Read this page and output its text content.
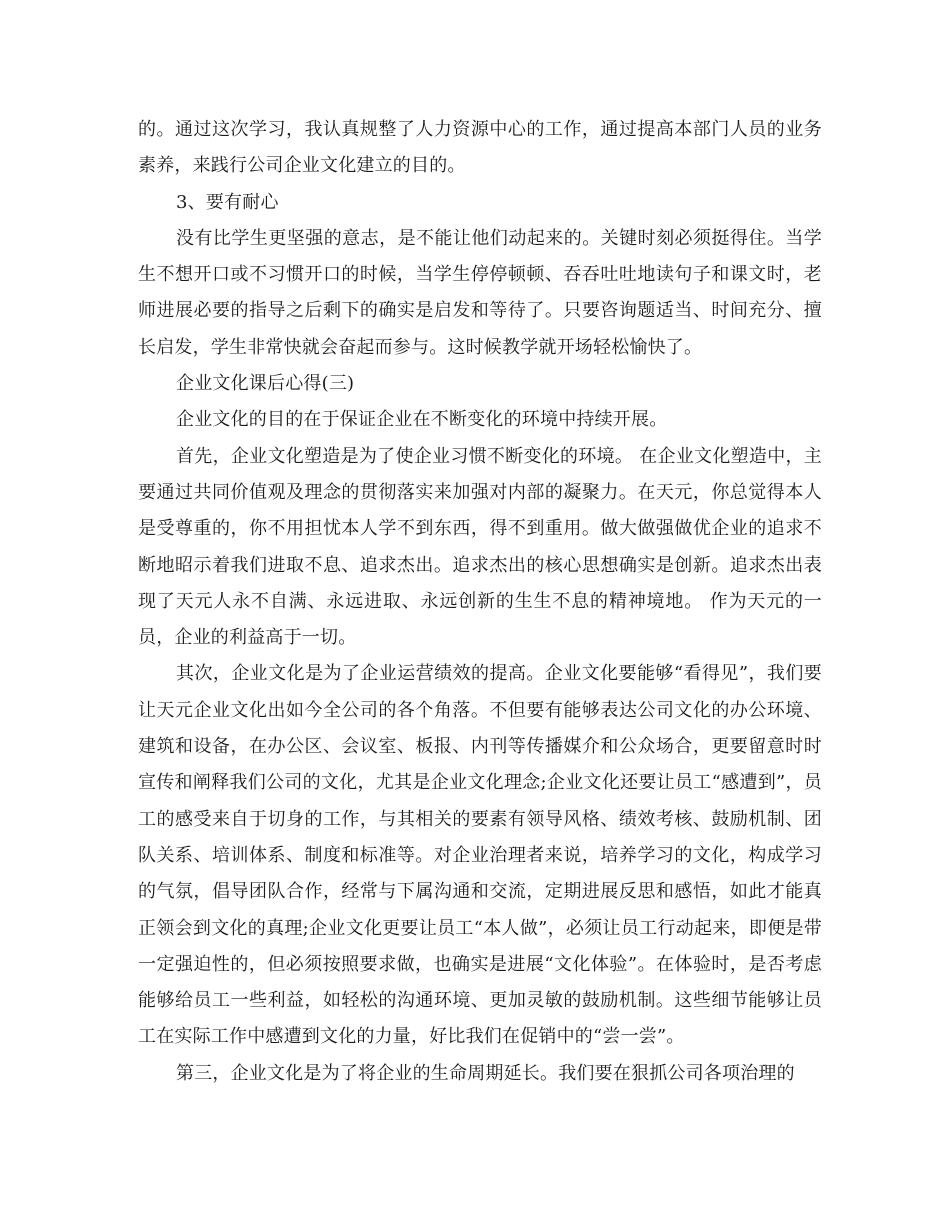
的。通过这次学习，我认真规整了人力资源中心的工作，通过提高本部门人员的业务素养，来践行公司企业文化建立的目的。

3、要有耐心

没有比学生更坚强的意志，是不能让他们动起来的。关键时刻必须挺得住。当学生不想开口或不习惯开口的时候，当学生停停顿顿、吞吞吐吐地读句子和课文时，老师进展必要的指导之后剩下的确实是启发和等待了。只要咨询题适当、时间充分、擅长启发，学生非常快就会奋起而参与。这时候教学就开场轻松愉快了。

企业文化课后心得(三)

企业文化的目的在于保证企业在不断变化的环境中持续开展。

首先，企业文化塑造是为了使企业习惯不断变化的环境。 在企业文化塑造中，主要通过共同价值观及理念的贯彻落实来加强对内部的凝聚力。在天元，你总觉得本人是受尊重的，你不用担忧本人学不到东西，得不到重用。做大做强做优企业的追求不断地昭示着我们进取不息、追求杰出。追求杰出的核心思想确实是创新。追求杰出表现了天元人永不自满、永远进取、永远创新的生生不息的精神境地。 作为天元的一员，企业的利益高于一切。

其次，企业文化是为了企业运营绩效的提高。企业文化要能够“看得见”，我们要让天元企业文化出如今全公司的各个角落。不但要有能够表达公司文化的办公环境、建筑和设备，在办公区、会议室、板报、内刊等传播媒介和公众场合，更要留意时时宣传和阐释我们公司的文化，尤其是企业文化理念;企业文化还要让员工“感遭到”，员工的感受来自于切身的工作，与其相关的要素有领导风格、绩效考核、鼓励机制、团队关系、培训体系、制度和标准等。对企业治理者来说，培养学习的文化，构成学习的气氛，倡导团队合作，经常与下属沟通和交流，定期进展反思和感悟，如此才能真正领会到文化的真理;企业文化更要让员工“本人做”，必须让员工行动起来，即便是带一定强迫性的，但必须按照要求做，也确实是进展“文化体验”。在体验时，是否考虑能够给员工一些利益，如轻松的沟通环境、更加灵敏的鼓励机制。这些细节能够让员工在实际工作中感遭到文化的力量，好比我们在促销中的“尝一尝”。

第三，企业文化是为了将企业的生命周期延长。我们要在狠抓公司各项治理的
